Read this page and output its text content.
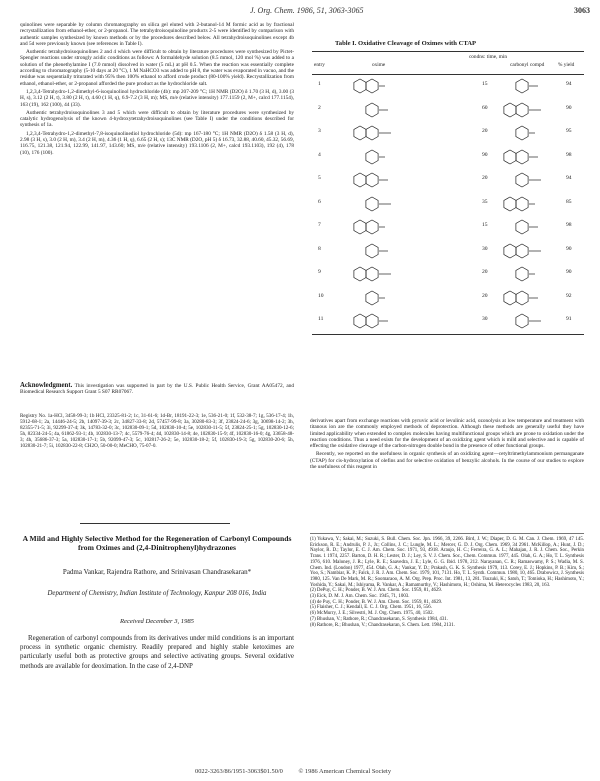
J. Org. Chem. 1986, 51, 3063-3065	3063

quinolines were separable by column chromatography on silica gel eluted with 2-butanol-14 M formic acid as by fractional recrystallization from ethanol-ether, or 2-propanol. The tetrahydroisoquinoline products 2-5 were identified by comparison with authentic samples synthesized by known methods or by the procedures described below. All tetrahydroisoquinolines except 4b and 5d were previously known (see references in Table I).

Authentic tetrahydroisoquinolines 2 and 4 which were difficult to obtain by literature procedures were synthesized by Pictet-Spengler reactions under strongly acidic conditions as follows: A formaldehyde solution (8.5 mmol, 120 mol %) was added to a solution of the phenethylamine I (7.0 mmol) dissolved in water (5 mL) at pH 0.5. When the reaction was essentially complete according to chromatography (5-10 days at 20 °C), 1 M NaHCO3 was added to pH 8, the water was evaporated in vacuo, and the residue was sequentially triturated with 95% then 100% ethanol to afford crude product (80-100% yield). Recrystallization from ethanol, ethanol-ether, or 2-propanol afforded the pure product as the hydrochloride salt.

1,2,3,4-Tetrahydro-1,2-dimethyl-6-isoquinolinol hydrochloride (4b): mp 207-209 °C; 1H NMR (D2O) δ 1.70 (3 H, d), 3.00 (3 H, s), 3.12 (2 H, t), 3.80 (2 H, t), 4.60 (1 H, q), 6.9-7.2 (3 H, m); MS, m/e (relative intensity) 177.1159 (2, M+, calcd 177.1154), 163 (19), 162 (100), 44 (33).

Authentic tetrahydroisoquinolines 3 and 5 which were difficult to obtain by literature procedures were synthesized by catalytic hydrogenolysis of the known 4-hydroxytetrahydroisoquinolines (see Table I) under the conditions described for synthesis of 1a.

1,2,3,4-Tetrahydro-1,2-dimethyl-7,8-isoquinolinediol hydrochloride (5d): mp 167-180 °C; 1H NMR (D2O) δ 1.58 (3 H, d), 2.98 (3 H, s), 3.0 (2 H, m), 3.4 (2 H, m), 4.36 (1 H, q), 6.65 (2 H, s); 13C NMR (D2O, pH 5) δ 16.73, 32.88, 40.60, 45.32, 56.69, 116.75, 121.38, 121.94, 122.99, 141.97, 143.60; MS, m/e (relative intensity) 193.1106 (2, M+, calcd 193.1103), 192 (4), 178 (10), 176 (100).

Acknowledgment. This investigation was supported in part by the U.S. Public Health Service, Grant AA05472, and Biomedical Research Support Grant 5 S07 RR07067.
Registry No. 1a-HCl, 3458-99-3; 1b HCl, 23325-81-2; 1c, 31-61-6; 1d-Br, 18191-22-3; 1e, 536-21-0; 1f, 532-38-7; 1g, 536-17-4; 1h, 5912-68-1; 2a, 14446-24-5; 2b, 14097-39-3; 2c, 34827-33-8; 2d, 57457-99-8; 3a, 30280-83-3; 3f, 23824-24-6; 3g, 30698-14-2; 3h, 82355-71-5; 3i, 92299-37-4; 3k, 14783-32-0; 3c, 102830-09-1; 5d, 102830-10-4; 5e, 102830-11-5; 5f, 23824-25-1; 5g, 102830-12-6; 5h, 82334-24-5; 4a, 61862-93-1; 4b, 102830-13-7; 4c, 5579-76-4; 4d, 102830-14-8; 4e, 102830-15-9; 4f, 102830-16-0; 4g, 33658-48-3; 4h, 35686-37-3; 5a, 102830-17-1; 5b, 92099-47-3; 5c, 102817-26-2; 5e, 102830-18-2; 5f, 102830-19-3; 5g, 102830-20-6; 5h, 102830-21-7; 5i, 102830-22-8; CH2O, 50-00-0; MeCHO, 75-07-0.
A Mild and Highly Selective Method for the Regeneration of Carbonyl Compounds from Oximes and (2,4-Dinitrophenyl)hydrazones
Padma Vankar, Rajendra Rathore, and Srinivasan Chandrasekaran*
Department of Chemistry, Indian Institute of Technology, Kanpur 208 016, India
Received December 3, 1985
Regeneration of carbonyl compounds from its derivatives under mild conditions is an important process in synthetic organic chemistry. Readily prepared and highly stable ketoximes are particularly useful both as protective groups and selective activating groups. Several oxidative methods are available for deoximation. In the case of 2,4-DNP
Table I. Oxidative Cleavage of Oximes with CTAP
entry	oxime
condns: time, min
carbonyl compd	% yield
1	15	94
2	60	90
3	20	95
4	90	98
5	20	94
6	35	85
7	15	98
8	30	90
9	20	90
10	20	92
11	30	91

derivatives apart from exchange reactions with pyruvic acid or levulinic acid, ozonolysis at low temperature and treatment with titanous ion are the commonly employed methods of deprotection. Although these methods are generally useful they have limited applicability when extended to complex molecules having multifunctional groups which are prone to oxidation under the reaction conditions. Thus a need exists for the development of an oxidizing agent which is mild and selective and is capable of effecting the oxidative cleavage of the carbon-nitrogen double bond in the presence of other functional groups.

Recently, we reported on the usefulness in organic synthesis of an oxidizing agent—cetyltrimethylammonium permanganate (CTAP) for cis-hydroxylation of olefins and for selective oxidation of benzylic alcohols. In the course of our studies to explore the usefulness of this reagent in

(1) Yukawa, Y.; Sakai, M.; Suzuki, S. Bull. Chem. Soc. Jpn. 1966, 39, 2266. Bird, J. W.; Diaper, D. G. M. Can. J. Chem. 1969, 47 145. Erickson, R. E.; Andrulis, P. J., Jr.; Collins, J. C.; Lungle, M. L.; Mercer, G. D. J. Org. Chem. 1969, 34 2961. McKillop, A.; Hunt, J. D.; Naylor, R. D.; Taylor, E. C. J. Am. Chem. Soc. 1971, 93, 4918. Araujo, H. C.; Ferreira, G. A. L.; Mahajan, J. R. J. Chem. Soc., Perkin Trans. 1 1974, 2257. Barton, D. H. R.; Lester, D. J.; Ley, S. V. J. Chem. Soc., Chem. Commun. 1977, 445. Olah, G. A.; Ho, T. L. Synthesis 1976, 610. Maloney, J. R.; Lyle, R. E.; Saavedra, J. E.; Lyle, G. G. Ibid. 1978, 212. Narayanan, C. R.; Ramaswamy, P. S.; Wadia, M. S. Chem. Ind. (London) 1977, 454. Olah, G. A.; Vankar, Y. D.; Prakash, G. K. S. Synthesis 1979, 113. Corey, E. J.; Hopkins, P. B.; Kim, S.; Yoo, S.; Nambiar, K. P.; Falck, J. R. J. Am. Chem. Soc. 1979, 101, 7131. Ho, T. L. Synth. Commun. 1980, 10, 465. Drabowicz, J. Synthesis 1980, 125. Van De Mark, M. R.; Soomaraoo, A. M. Org. Prep. Proc. Int. 1981, 13, 281. Tsuzuki, K.; Satoh, T.; Tomioka, H.; Hashimoto, Y.; Yoshida, Y.; Sakai, M.; Ishiyama, R. Vankar, A.; Ramamurthy, V.; Hashimoto, H.; Oshima, M. Heterocycles 1983, 20, 163.

(2) DePuy, C. H.; Ponder, B. W. J. Am. Chem. Soc. 1959, 81, 4629.

(3) Eick, D. M. J. Am. Chem. Soc. 1945, 71, 1003.

(4) de Puy, C. H.; Ponder, B. W. J. Am. Chem. Soc. 1959, 81, 4629.

(5) Flaisher, C. J.; Kendall, E. C. J. Org. Chem. 1951, 16, 556.

(6) McMurry, J. E.; Silvestri, M. J. Org. Chem. 1975, 40, 1502.

(7) Bhushan, V.; Rathore, R.; Chandrasekaran, S. Synthesis 1984, 431.

(8) Rathore, R.; Bhushan, V.; Chandrasekaran, S. Chem. Lett. 1984, 2131.

0022-3263/86/1951-3063$01.50/0 © 1986 American Chemical Society
